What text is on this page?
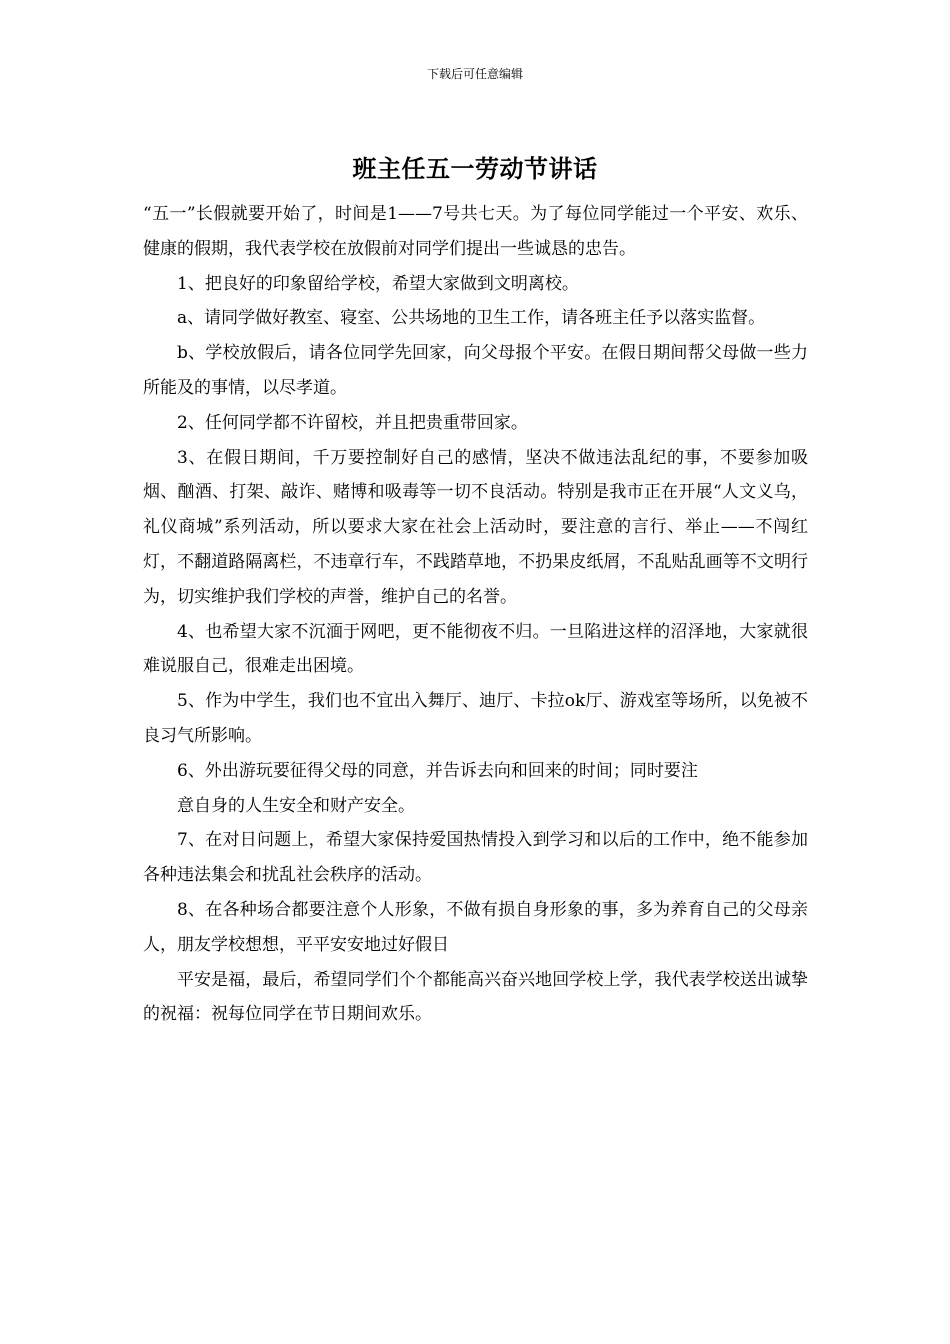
下载后可任意编辑
班主任五一劳动节讲话

“五一”长假就要开始了，时间是1——7号共七天。为了每位同学能过一个平安、欢乐、健康的假期，我代表学校在放假前对同学们提出一些诚恳的忠告。

1、把良好的印象留给学校，希望大家做到文明离校。

a、请同学做好教室、寝室、公共场地的卫生工作，请各班主任予以落实监督。

b、学校放假后，请各位同学先回家，向父母报个平安。在假日期间帮父母做一些力所能及的事情，以尽孝道。

2、任何同学都不许留校，并且把贵重带回家。

3、在假日期间，千万要控制好自己的感情，坚决不做违法乱纪的事，不要参加吸烟、酗酒、打架、敲诈、赌博和吸毒等一切不良活动。特别是我市正在开展“人文义乌，礼仪商城”系列活动，所以要求大家在社会上活动时，要注意的言行、举止——不闯红灯，不翻道路隔离栏，不违章行车，不践踏草地，不扔果皮纸屑，不乱贴乱画等不文明行为，切实维护我们学校的声誉，维护自己的名誉。

4、也希望大家不沉湎于网吧，更不能彻夜不归。一旦陷进这样的沼泽地，大家就很难说服自己，很难走出困境。

5、作为中学生，我们也不宜出入舞厅、迪厅、卡拉ok厅、游戏室等场所，以免被不良习气所影响。

6、外出游玩要征得父母的同意，并告诉去向和回来的时间；同时要注

意自身的人生安全和财产安全。

7、在对日问题上，希望大家保持爱国热情投入到学习和以后的工作中，绝不能参加各种违法集会和扰乱社会秩序的活动。

8、在各种场合都要注意个人形象，不做有损自身形象的事，多为养育自己的父母亲人，朋友学校想想，平平安安地过好假日

平安是福，最后，希望同学们个个都能高兴奋兴地回学校上学，我代表学校送出诚挚的祝福：祝每位同学在节日期间欢乐。
